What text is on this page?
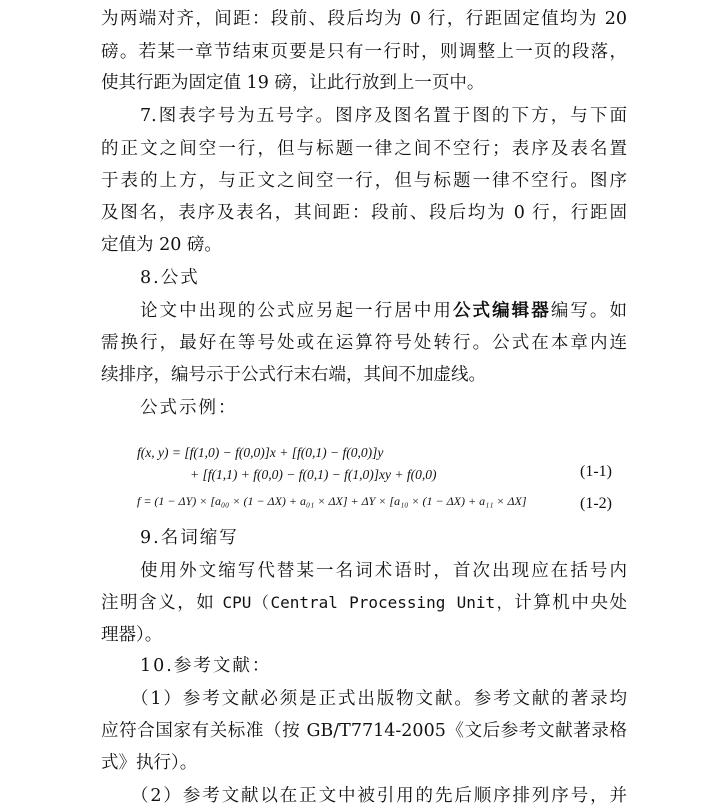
为两端对齐，间距：段前、段后均为 0 行，行距固定值均为 20
磅。若某一章节结束页要是只有一行时，则调整上一页的段落，
使其行距为固定值 19 磅，让此行放到上一页中。
7.图表字号为五号字。图序及图名置于图的下方，与下面
的正文之间空一行，但与标题一律之间不空行；表序及表名置
于表的上方，与正文之间空一行，但与标题一律不空行。图序
及图名，表序及表名，其间距：段前、段后均为 0 行，行距固
定值为 20 磅。
8.公式
论文中出现的公式应另起一行居中用公式编辑器编写。如
需换行，最好在等号处或在运算符号处转行。公式在本章内连
续排序，编号示于公式行末右端，其间不加虚线。
公式示例：
f(x, y) = [f(1,0) − f(0,0)]x + [f(0,1) − f(0,0)]y
+ [f(1,1) + f(0,0) − f(0,1) − f(1,0)]xy + f(0,0)	(1-1)
f = (1 − ΔY) × [a₀₀ × (1 − ΔX) + a₀₁ × ΔX] + ΔY × [a₁₀ × (1 − ΔX) + a₁₁ × ΔX]	(1-2)
9.名词缩写
使用外文缩写代替某一名词术语时，首次出现应在括号内
注明含义，如 CPU（Central Processing Unit，计算机中央处
理器）。
10.参考文献：
（1）参考文献必须是正式出版物文献。参考文献的著录均
应符合国家有关标准（按 GB/T7714-2005《文后参考文献著录格
式》执行）。
（2）参考文献以在正文中被引用的先后顺序排列序号，并
